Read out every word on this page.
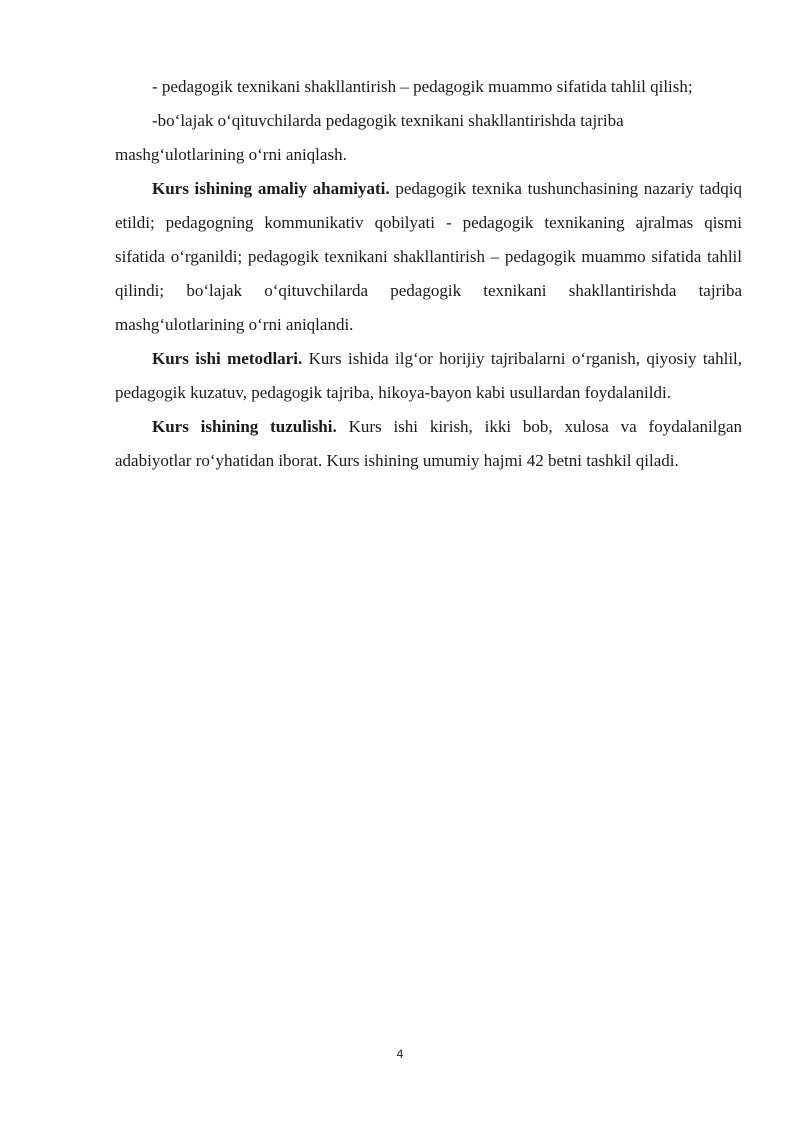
- pedagogik texnikani shakllantirish – pedagogik muammo sifatida tahlil qilish;

-bo‘lajak o‘qituvchilarda pedagogik texnikani shakllantirishda tajriba mashg‘ulotlarining o‘rni aniqlash.

Kurs ishining amaliy ahamiyati. pedagogik texnika tushunchasining nazariy tadqiq etildi; pedagogning kommunikativ qobilyati - pedagogik texnikaning ajralmas qismi sifatida o‘rganildi; pedagogik texnikani shakllantirish – pedagogik muammo sifatida tahlil qilindi; bo‘lajak o‘qituvchilarda pedagogik texnikani shakllantirishda tajriba mashg‘ulotlarining o‘rni aniqlandi.

Kurs ishi metodlari. Kurs ishida ilg‘or horijiy tajribalarni o‘rganish, qiyosiy tahlil, pedagogik kuzatuv, pedagogik tajriba, hikoya-bayon kabi usullardan foydalanildi.

Kurs ishining tuzulishi. Kurs ishi kirish, ikki bob, xulosa va foydalanilgan adabiyotlar ro‘yhatidan iborat. Kurs ishining umumiy hajmi 42 betni tashkil qiladi.

4
